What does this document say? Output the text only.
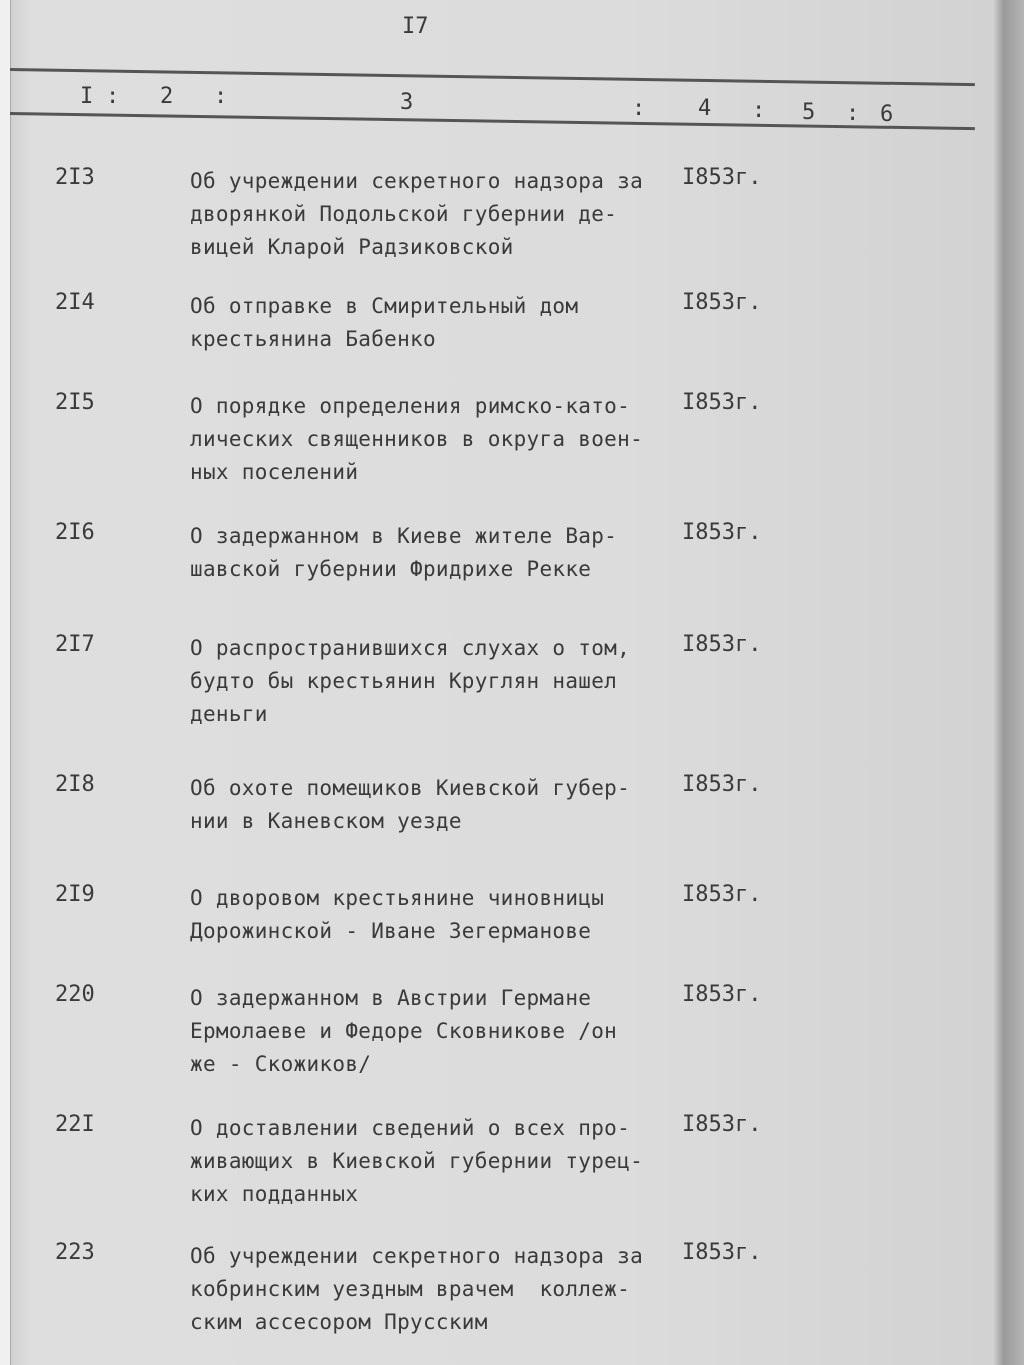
I7
I : 2 :	3	: 4 : 5 : 6
2I3	Об учреждении секретного надзора за
дворянкой Подольской губернии де-
вицей Кларой Радзиковской
I853г.
2I4	Об отправке в Смирительный дом
крестьянина Бабенко
I853г.
2I5	О порядке определения римско-като-
лических священников в округа воен-
ных поселений
I853г.
2I6	О задержанном в Киеве жителе Вар-
шавской губернии Фридрихе Рекке
I853г.
2I7	О распространившихся слухах о том,
будто бы крестьянин Круглян нашел
деньги
I853г.
2I8	Об охоте помещиков Киевской губер-
нии в Каневском уезде
I853г.
2I9	О дворовом крестьянине чиновницы
Дорожинской - Иване Зегерманове
I853г.
220	О задержанном в Австрии Германе
Ермолаеве и Федоре Сковникове /он
же - Скожиков/
I853г.
22I	О доставлении сведений о всех про-
живающих в Киевской губернии турец-
ких подданных
I853г.
223	Об учреждении секретного надзора за
кобринским уездным врачем  коллеж-
ским ассесором Прусским
I853г.
